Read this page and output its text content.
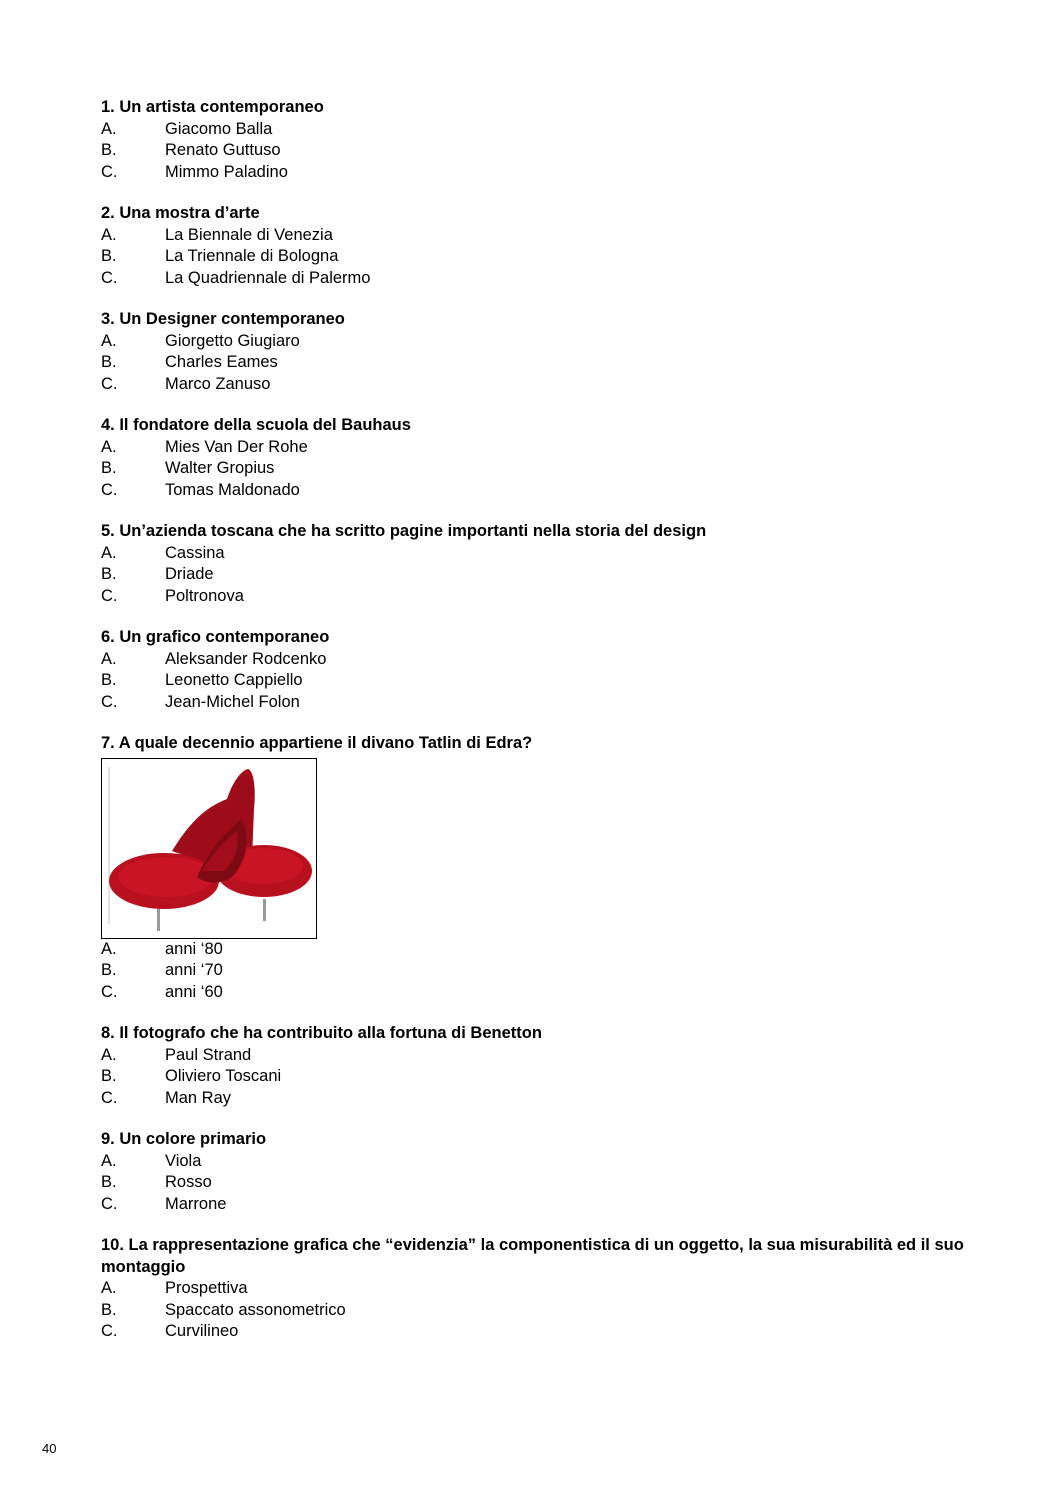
1. Un artista contemporaneo
A.	Giacomo Balla
B.	Renato Guttuso
C.	Mimmo Paladino
2. Una mostra d’arte
A.	La Biennale di Venezia
B.	La Triennale di Bologna
C.	La Quadriennale di Palermo
3. Un Designer contemporaneo
A.	Giorgetto Giugiaro
B.	Charles Eames
C.	Marco Zanuso
4. Il fondatore della scuola del Bauhaus
A.	Mies Van Der Rohe
B.	Walter Gropius
C.	Tomas Maldonado
5. Un’azienda toscana che ha scritto pagine importanti nella storia del design
A.	Cassina
B.	Driade
C.	Poltronova
6. Un grafico contemporaneo
A.	Aleksander Rodcenko
B.	Leonetto Cappiello
C.	Jean-Michel Folon
7. A quale decennio appartiene il divano Tatlin di Edra?
A.	anni ‘80
B.	anni ‘70
C.	anni ‘60
8. Il fotografo che ha contribuito alla fortuna di Benetton
A.	Paul Strand
B.	Oliviero Toscani
C.	Man Ray
9. Un colore primario
A.	Viola
B.	Rosso
C.	Marrone
10. La rappresentazione grafica che “evidenzia” la componentistica di un oggetto, la sua misurabilità ed il suo montaggio
A.	Prospettiva
B.	Spaccato assonometrico
C.	Curvilineo
40
